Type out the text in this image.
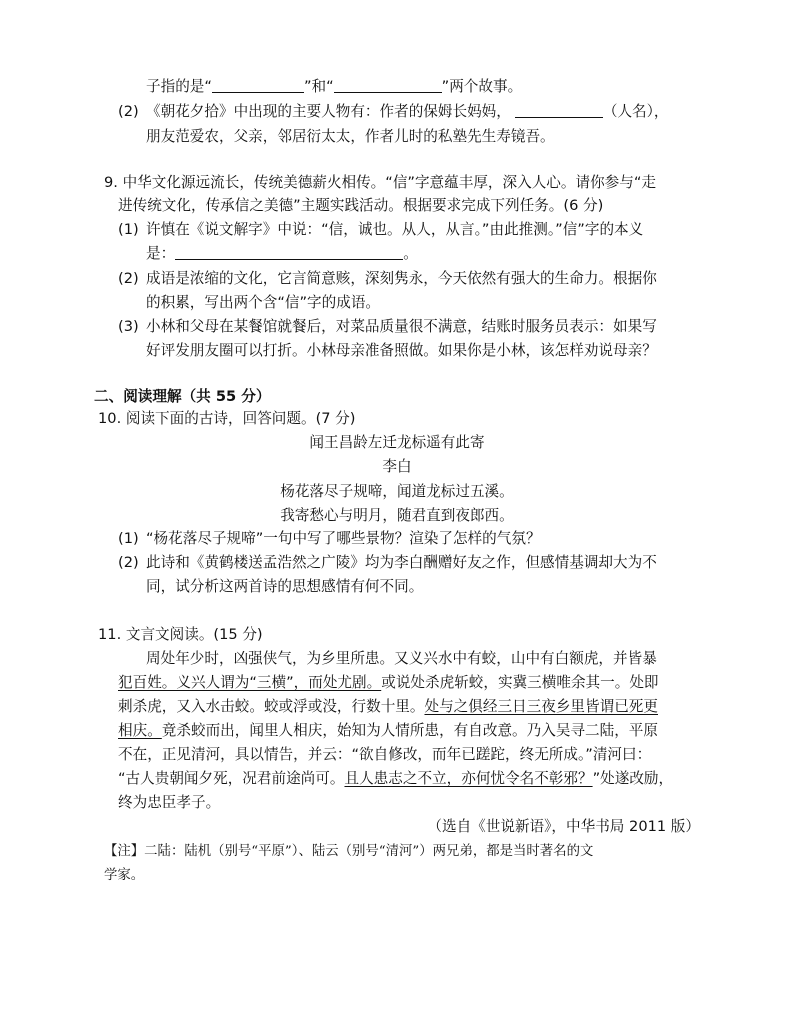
子指的是“	”和“	”两个故事。
(2) 《朝花夕拾》中出现的主要人物有：作者的保姆长妈妈，	（人名），
朋友范爱农，父亲，邻居衍太太，作者儿时的私塾先生寿镜吾。
9. 中华文化源远流长，传统美德薪火相传。“信”字意蕴丰厚，深入人心。请你参与“走
进传统文化，传承信之美德”主题实践活动。根据要求完成下列任务。(6 分)
(1) 许慎在《说文解字》中说：“信，诚也。从人，从言。”由此推测。”信”字的本义
是：	。
(2) 成语是浓缩的文化，它言简意赅，深刻隽永，今天依然有强大的生命力。根据你
的积累，写出两个含“信”字的成语。
(3) 小林和父母在某餐馆就餐后，对菜品质量很不满意，结账时服务员表示：如果写
好评发朋友圈可以打折。小林母亲准备照做。如果你是小林，该怎样劝说母亲？
二、阅读理解（共 55 分）
10. 阅读下面的古诗，回答问题。(7 分)
闻王昌龄左迁龙标遥有此寄
李白
杨花落尽子规啼，闻道龙标过五溪。
我寄愁心与明月，随君直到夜郎西。
(1) “杨花落尽子规啼”一句中写了哪些景物？渲染了怎样的气氛？
(2) 此诗和《黄鹤楼送孟浩然之广陵》均为李白酬赠好友之作，但感情基调却大为不
同，试分析这两首诗的思想感情有何不同。
11. 文言文阅读。(15 分)
周处年少时，凶强侠气，为乡里所患。又义兴水中有蛟，山中有白额虎，并皆暴
犯百姓。义兴人谓为“三横”，而处尤剧。或说处杀虎斩蛟，实冀三横唯余其一。处即
刺杀虎，又入水击蛟。蛟或浮或没，行数十里。处与之俱经三日三夜乡里皆谓已死更
相庆。竟杀蛟而出，闻里人相庆，始知为人情所患，有自改意。乃入吴寻二陆，平原
不在，正见清河，具以情告，并云：“欲自修改，而年已蹉跎，终无所成。”清河曰：
“古人贵朝闻夕死，况君前途尚可。且人患志之不立，亦何忧令名不彰邪？”处遂改励，
终为忠臣孝子。
（选自《世说新语》，中华书局 2011 版）
【注】二陆：陆机（别号“平原”）、陆云（别号“清河”）两兄弟，都是当时著名的文
学家。
